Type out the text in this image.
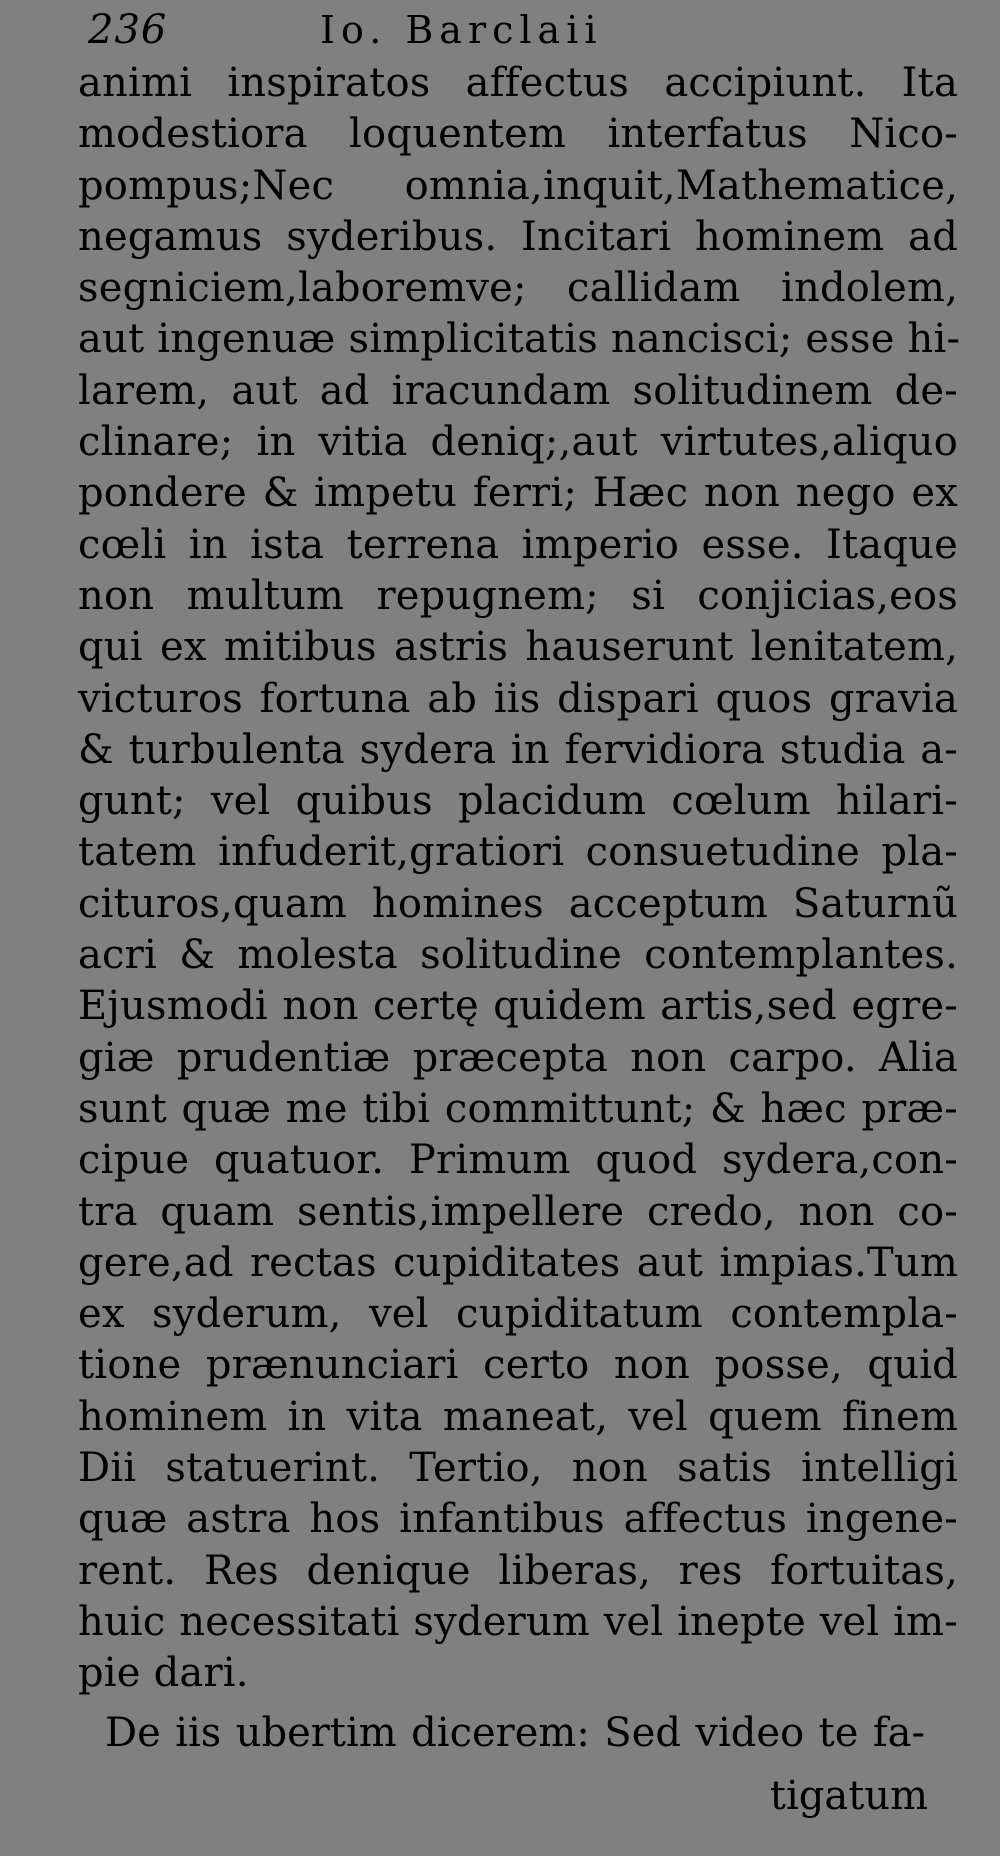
236	Io. Barclaii
animi inspiratos affectus accipiunt. Ita
modestiora loquentem interfatus Nico-
pompus;Nec omnia,inquit,Mathematice,
negamus syderibus. Incitari hominem ad
segniciem,laboremve; callidam indolem,
aut ingenuæ simplicitatis nancisci; esse hi-
larem, aut ad iracundam solitudinem de-
clinare; in vitia deniq;,aut virtutes,aliquo
pondere & impetu ferri; Hæc non nego ex
cœli in ista terrena imperio esse. Itaque
non multum repugnem; si conjicias,eos
qui ex mitibus astris hauserunt lenitatem,
victuros fortuna ab iis dispari quos gravia
& turbulenta sydera in fervidiora studia a-
gunt; vel quibus placidum cœlum hilari-
tatem infuderit,gratiori consuetudine pla-
cituros,quam homines acceptum Saturnũ
acri & molesta solitudine contemplantes.
Ejusmodi non certę quidem artis,sed egre-
giæ prudentiæ præcepta non carpo. Alia
sunt quæ me tibi committunt; & hæc præ-
cipue quatuor. Primum quod sydera,con-
tra quam sentis,impellere credo, non co-
gere,ad rectas cupiditates aut impias.Tum
ex syderum, vel cupiditatum contempla-
tione prænunciari certo non posse, quid
hominem in vita maneat, vel quem finem
Dii statuerint. Tertio, non satis intelligi
quæ astra hos infantibus affectus ingene-
rent. Res denique liberas, res fortuitas,
huic necessitati syderum vel inepte vel im-
pie dari.
De iis ubertim dicerem: Sed video te fa-
tigatum
